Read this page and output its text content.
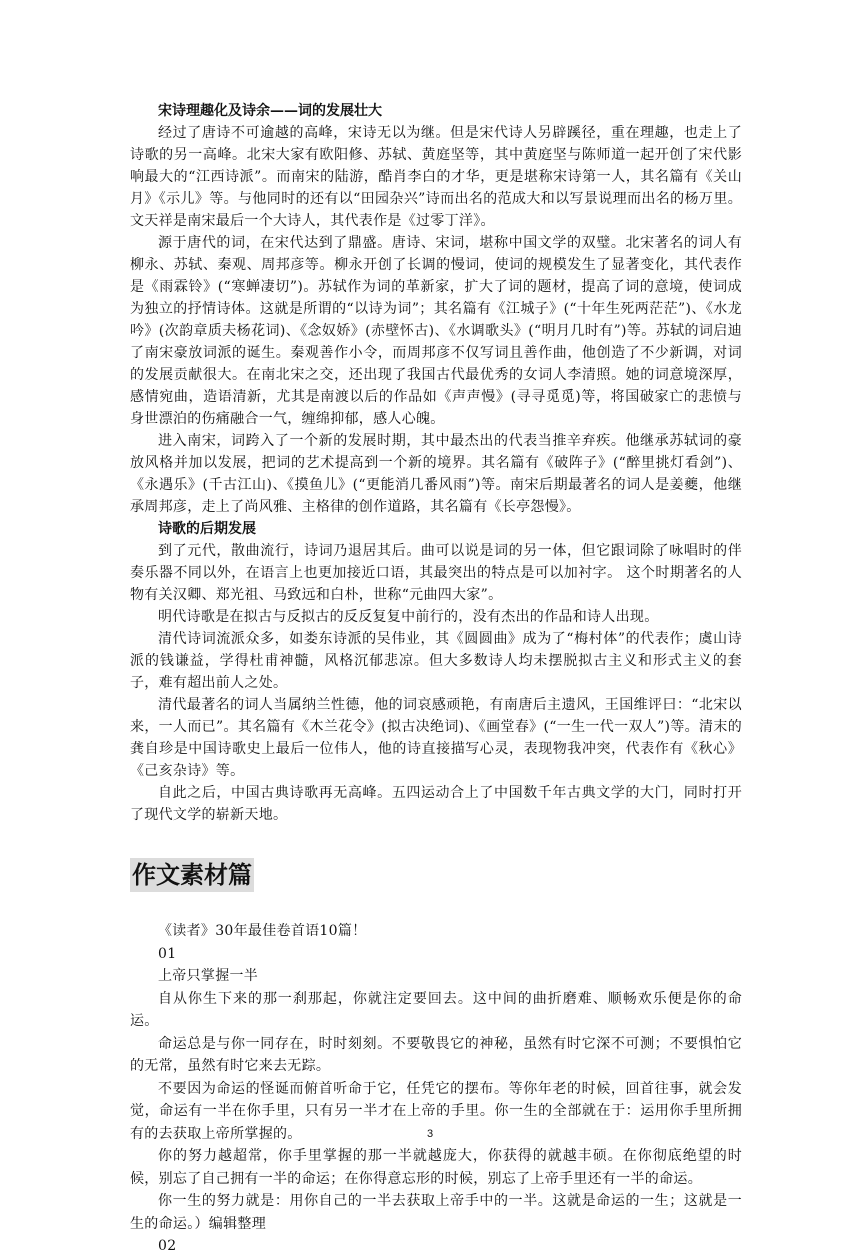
宋诗理趣化及诗余——词的发展壮大

经过了唐诗不可逾越的高峰，宋诗无以为继。但是宋代诗人另辟蹊径，重在理趣，也走上了诗歌的另一高峰。北宋大家有欧阳修、苏轼、黄庭坚等，其中黄庭坚与陈师道一起开创了宋代影响最大的“江西诗派”。而南宋的陆游，酷肖李白的才华，更是堪称宋诗第一人，其名篇有《关山月》《示儿》等。与他同时的还有以“田园杂兴”诗而出名的范成大和以写景说理而出名的杨万里。文天祥是南宋最后一个大诗人，其代表作是《过零丁洋》。

源于唐代的词，在宋代达到了鼎盛。唐诗、宋词，堪称中国文学的双璧。北宋著名的词人有柳永、苏轼、秦观、周邦彦等。柳永开创了长调的慢词，使词的规模发生了显著变化，其代表作是《雨霖铃》(“寒蝉凄切”)。苏轼作为词的革新家，扩大了词的题材，提高了词的意境，使词成为独立的抒情诗体。这就是所谓的“以诗为词”；其名篇有《江城子》(“十年生死两茫茫”)、《水龙吟》(次韵章质夫杨花词)、《念奴娇》(赤壁怀古)、《水调歌头》(“明月几时有”)等。苏轼的词启迪了南宋豪放词派的诞生。秦观善作小令，而周邦彦不仅写词且善作曲，他创造了不少新调，对词的发展贡献很大。在南北宋之交，还出现了我国古代最优秀的女词人李清照。她的词意境深厚，感情宛曲，造语清新，尤其是南渡以后的作品如《声声慢》(寻寻觅觅)等，将国破家亡的悲愤与身世漂泊的伤痛融合一气，缠绵抑郁，感人心魄。

进入南宋，词跨入了一个新的发展时期，其中最杰出的代表当推辛弃疾。他继承苏轼词的豪放风格并加以发展，把词的艺术提高到一个新的境界。其名篇有《破阵子》(“醉里挑灯看剑”)、《永遇乐》(千古江山)、《摸鱼儿》(“更能消几番风雨”)等。南宋后期最著名的词人是姜夔，他继承周邦彦，走上了尚风雅、主格律的创作道路，其名篇有《长亭怨慢》。

诗歌的后期发展

到了元代，散曲流行，诗词乃退居其后。曲可以说是词的另一体，但它跟词除了咏唱时的伴奏乐器不同以外，在语言上也更加接近口语，其最突出的特点是可以加衬字。 这个时期著名的人物有关汉卿、郑光祖、马致远和白朴，世称“元曲四大家”。

明代诗歌是在拟古与反拟古的反反复复中前行的，没有杰出的作品和诗人出现。

清代诗词流派众多，如娄东诗派的吴伟业，其《圆圆曲》成为了“梅村体”的代表作；虞山诗派的钱谦益，学得杜甫神髓，风格沉郁悲凉。但大多数诗人均未摆脱拟古主义和形式主义的套子，难有超出前人之处。

清代最著名的词人当属纳兰性德，他的词哀感顽艳，有南唐后主遗风，王国维评曰：“北宋以来，一人而已”。其名篇有《木兰花令》(拟古决绝词)、《画堂春》(“一生一代一双人”)等。清末的龚自珍是中国诗歌史上最后一位伟人，他的诗直接描写心灵，表现物我冲突，代表作有《秋心》《己亥杂诗》等。

自此之后，中国古典诗歌再无高峰。五四运动合上了中国数千年古典文学的大门，同时打开了现代文学的崭新天地。

作文素材篇

《读者》30年最佳卷首语10篇！

01

上帝只掌握一半

自从你生下来的那一刹那起，你就注定要回去。这中间的曲折磨难、顺畅欢乐便是你的命运。

命运总是与你一同存在，时时刻刻。不要敬畏它的神秘，虽然有时它深不可测；不要惧怕它的无常，虽然有时它来去无踪。

不要因为命运的怪诞而俯首听命于它，任凭它的摆布。等你年老的时候，回首往事，就会发觉，命运有一半在你手里，只有另一半才在上帝的手里。你一生的全部就在于：运用你手里所拥有的去获取上帝所掌握的。

你的努力越超常，你手里掌握的那一半就越庞大，你获得的就越丰硕。在你彻底绝望的时候，别忘了自己拥有一半的命运；在你得意忘形的时候，别忘了上帝手里还有一半的命运。

你一生的努力就是：用你自己的一半去获取上帝手中的一半。这就是命运的一生；这就是一生的命运。）编辑整理

02

3
